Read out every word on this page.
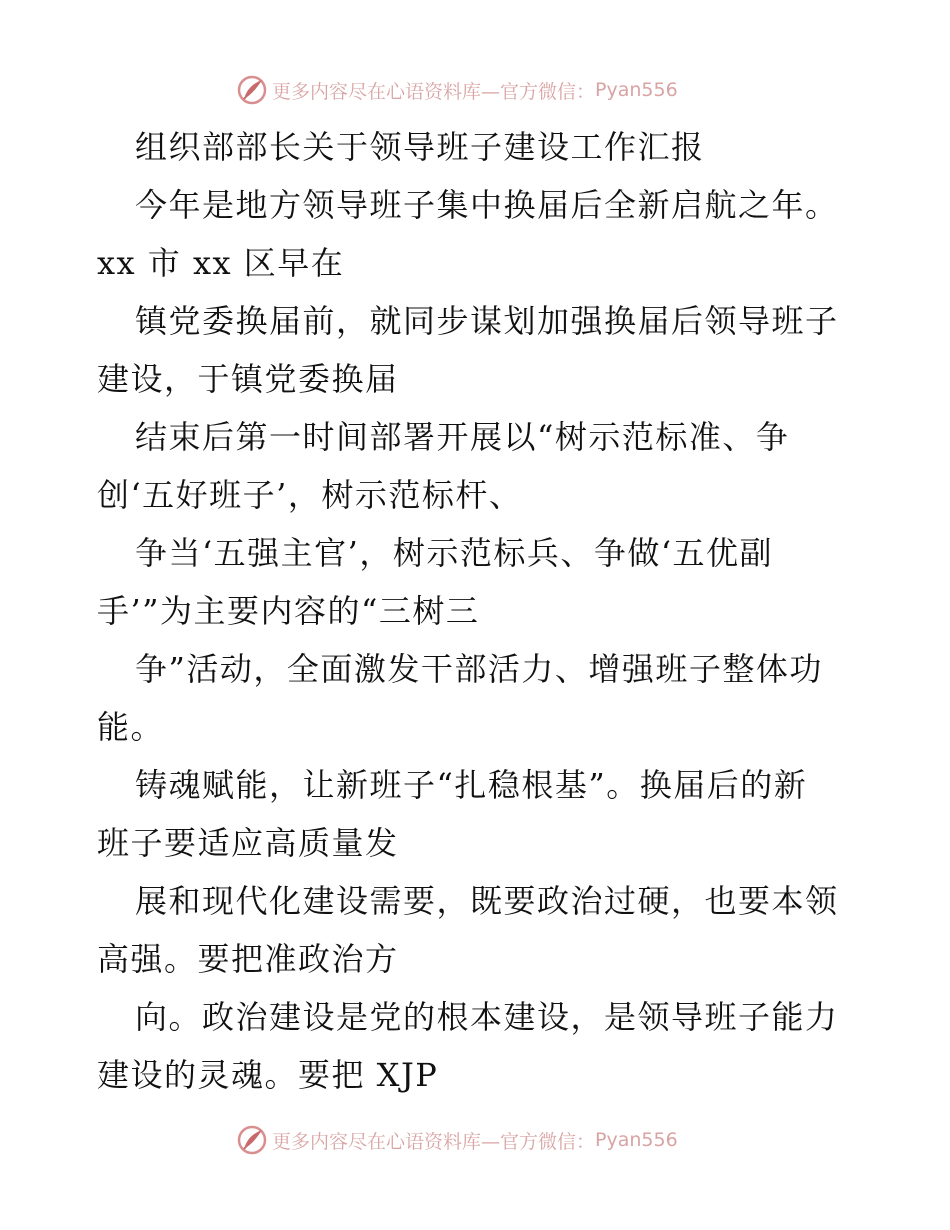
更多内容尽在心语资料库—官方微信： Pyan556
组织部部长关于领导班子建设工作汇报
今年是地方领导班子集中换届后全新启航之年。
xx 市 xx 区早在
镇党委换届前，就同步谋划加强换届后领导班子
建设，于镇党委换届
结束后第一时间部署开展以“树示范标准、争
创‘五好班子’，树示范标杆、
争当‘五强主官’，树示范标兵、争做‘五优副
手’”为主要内容的“三树三
争”活动，全面激发干部活力、增强班子整体功
能。
铸魂赋能，让新班子“扎稳根基”。换届后的新
班子要适应高质量发
展和现代化建设需要，既要政治过硬，也要本领
高强。要把准政治方
向。政治建设是党的根本建设，是领导班子能力
建设的灵魂。要把 XJP
更多内容尽在心语资料库—官方微信： Pyan556
